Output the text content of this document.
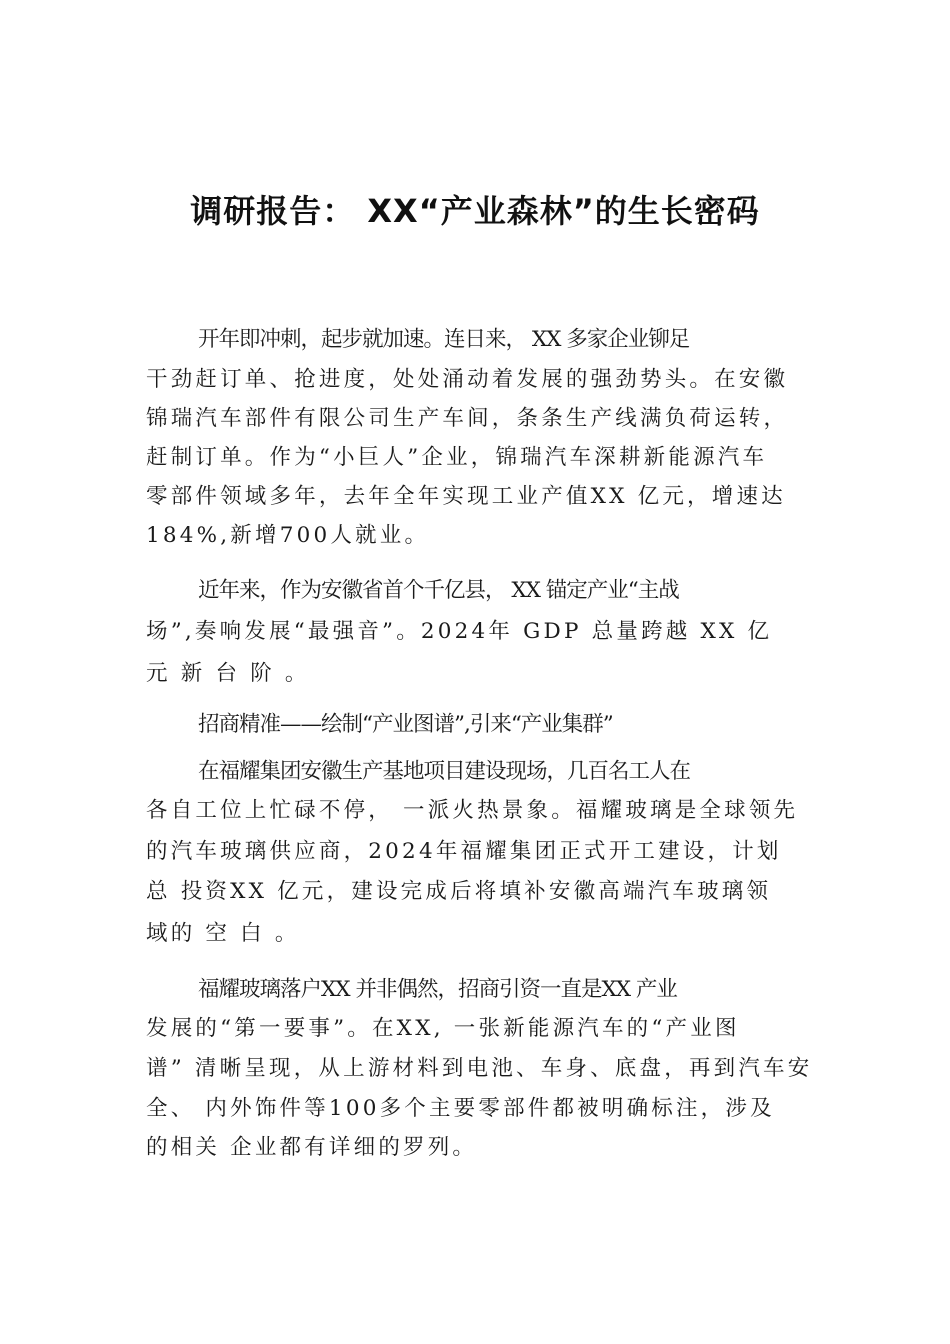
调研报告： XX“产业森林”的生长密码

开年即冲刺，起步就加速。连日来， XX 多家企业铆足

干劲赶订单、抢进度，处处涌动着发展的强劲势头。在安徽

锦瑞汽车部件有限公司生产车间，条条生产线满负荷运转，

赶制订单。作为“小巨人”企业，锦瑞汽车深耕新能源汽车

零部件领域多年，去年全年实现工业产值XX 亿元，增速达

184%,新增700人就业。

近年来，作为安徽省首个千亿县， XX 锚定产业“主战

场”,奏响发展“最强音”。2024年 GDP 总量跨越 XX 亿

元 新 台 阶 。

招商精准——绘制“产业图谱”,引来“产业集群”

在福耀集团安徽生产基地项目建设现场，几百名工人在

各自工位上忙碌不停， 一派火热景象。福耀玻璃是全球领先

的汽车玻璃供应商，2024年福耀集团正式开工建设，计划

总 投资XX 亿元，建设完成后将填补安徽高端汽车玻璃领

域的 空 白 。

福耀玻璃落户XX 并非偶然，招商引资一直是XX 产业

发展的“第一要事”。在XX, 一张新能源汽车的“产业图

谱” 清晰呈现，从上游材料到电池、车身、底盘，再到汽车安

全、 内外饰件等100多个主要零部件都被明确标注，涉及

的相关 企业都有详细的罗列。
